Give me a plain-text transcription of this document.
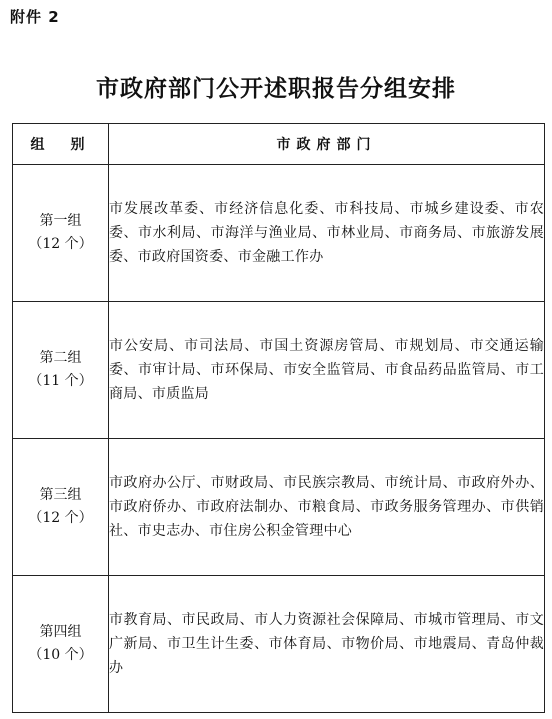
附件 2
市政府部门公开述职报告分组安排
组　别	市政府部门

第一组
（12 个）	市发展改革委、市经济信息化委、市科技局、市城乡建设委、市农委、市水利局、市海洋与渔业局、市林业局、市商务局、市旅游发展委、市政府国资委、市金融工作办

第二组
（11 个）	市公安局、市司法局、市国土资源房管局、市规划局、市交通运输委、市审计局、市环保局、市安全监管局、市食品药品监管局、市工商局、市质监局

第三组
（12 个）	市政府办公厅、市财政局、市民族宗教局、市统计局、市政府外办、市政府侨办、市政府法制办、市粮食局、市政务服务管理办、市供销社、市史志办、市住房公积金管理中心

第四组
（10 个）	市教育局、市民政局、市人力资源社会保障局、市城市管理局、市文广新局、市卫生计生委、市体育局、市物价局、市地震局、青岛仲裁办
